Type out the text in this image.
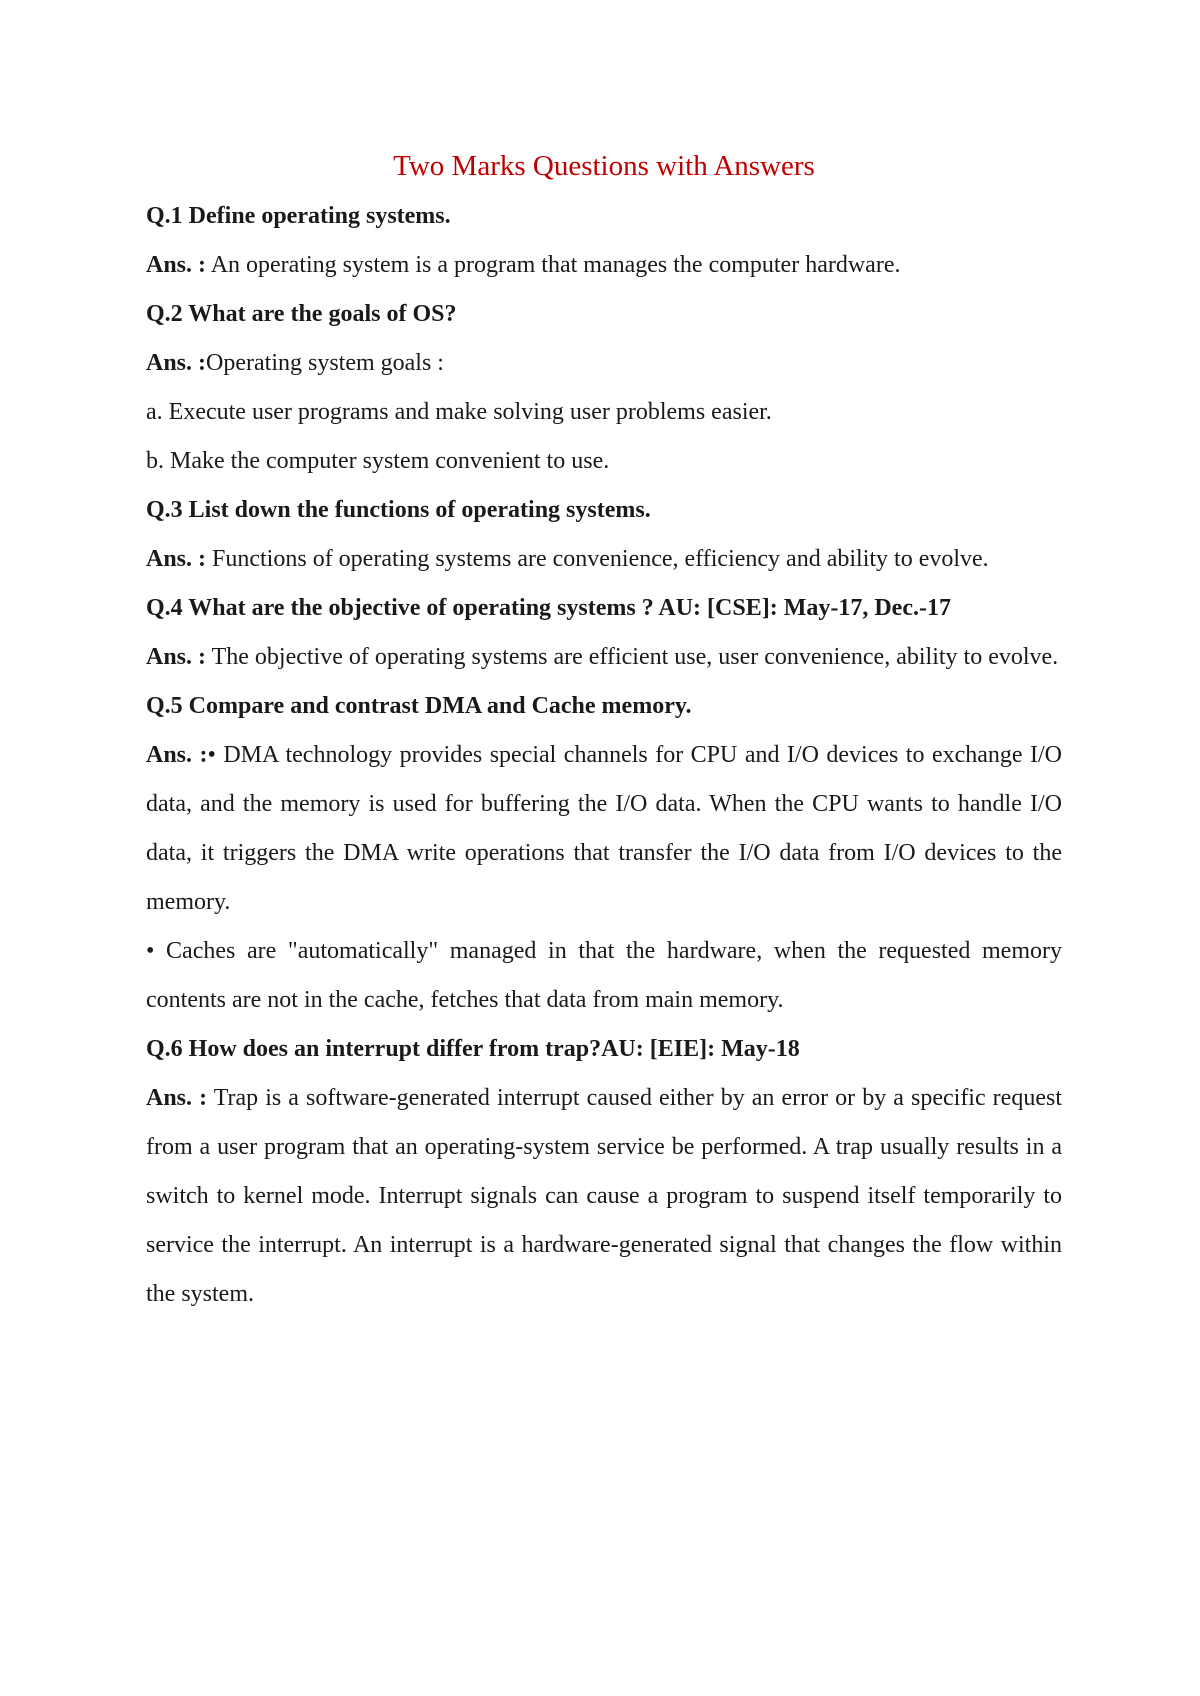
Two Marks Questions with Answers

Q.1 Define operating systems.

Ans. : An operating system is a program that manages the computer hardware.

Q.2 What are the goals of OS?

Ans. :Operating system goals :

a. Execute user programs and make solving user problems easier.

b. Make the computer system convenient to use.

Q.3 List down the functions of operating systems.

Ans. : Functions of operating systems are convenience, efficiency and ability to evolve.

Q.4 What are the objective of operating systems ? AU: [CSE]: May-17, Dec.-17

Ans. : The objective of operating systems are efficient use, user convenience, ability to evolve.

Q.5 Compare and contrast DMA and Cache memory.

Ans. :• DMA technology provides special channels for CPU and I/O devices to exchange I/O data, and the memory is used for buffering the I/O data. When the CPU wants to handle I/O data, it triggers the DMA write operations that transfer the I/O data from I/O devices to the memory.

• Caches are "automatically" managed in that the hardware, when the requested memory contents are not in the cache, fetches that data from main memory.

Q.6 How does an interrupt differ from trap?AU: [EIE]: May-18

Ans. : Trap is a software-generated interrupt caused either by an error or by a specific request from a user program that an operating-system service be performed. A trap usually results in a switch to kernel mode. Interrupt signals can cause a program to suspend itself temporarily to service the interrupt. An interrupt is a hardware-generated signal that changes the flow within the system.
